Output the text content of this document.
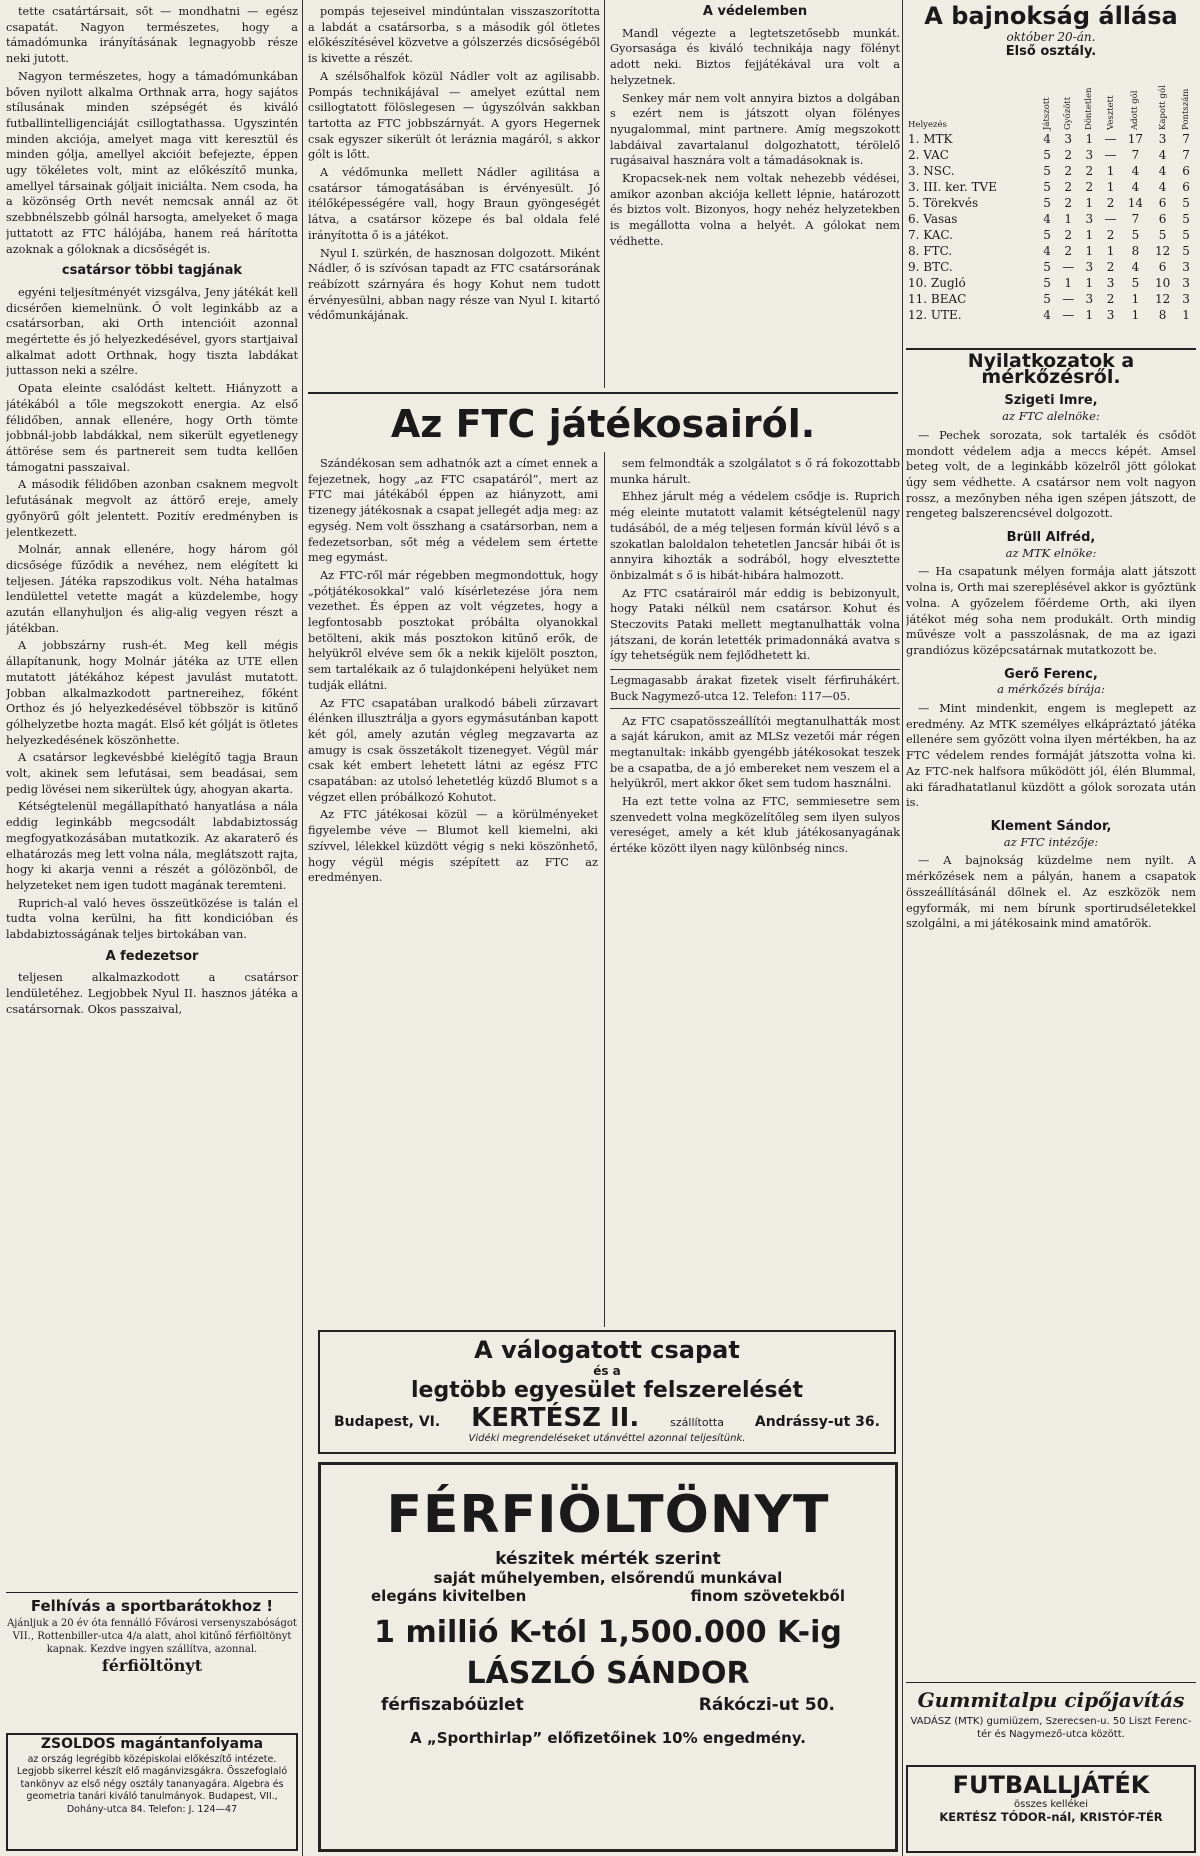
tette csatártársait, sőt — mondhatni — egész csapatát. Nagyon természetes, hogy a támadómunka irányításának legnagyobb része neki jutott.

Nagyon természetes, hogy a támadómunkában bőven nyilott alkalma Orthnak arra, hogy sajátos stílusának minden szépségét és kiváló futballintelligenciáját csillogtathassa. Ugyszintén minden akciója, amelyet maga vitt keresztül és minden gólja, amellyel akcióit befejezte, éppen ugy tökéletes volt, mint az előkészítő munka, amellyel társainak góljait iniciálta. Nem csoda, ha a közönség Orth nevét nemcsak annál az öt szebbnélszebb gólnál harsogta, amelyeket ő maga juttatott az FTC hálójába, hanem reá hárította azoknak a góloknak a dicsőségét is.

csatársor többi tagjának

egyéni teljesítményét vizsgálva, Jeny játékát kell dicsérően kiemelnünk. Ő volt leginkább az a csatársorban, aki Orth intencióit azonnal megértette és jó helyezkedésével, gyors startjaival alkalmat adott Orthnak, hogy tiszta labdákat juttasson neki a szélre.

Opata eleinte csalódást keltett. Hiányzott a játékából a tőle megszokott energia. Az első félidőben, annak ellenére, hogy Orth tömte jobbnál-jobb labdákkal, nem sikerült egyetlenegy áttörése sem és partnereit sem tudta kellően támogatni passzaival.

A második félidőben azonban csaknem megvolt lefutásának megvolt az áttörő ereje, amely győnyörű gólt jelentett. Pozitív eredményben is jelentkezett.

Molnár, annak ellenére, hogy három gól dicsősége fűződik a nevéhez, nem elégített ki teljesen. Játéka rapszodikus volt. Néha hatalmas lendülettel vetette magát a küzdelembe, hogy azután ellanyhuljon és alig-alig vegyen részt a játékban.

A jobbszárny rush-ét. Meg kell mégis állapítanunk, hogy Molnár játéka az UTE ellen mutatott játékához képest javulást mutatott. Jobban alkalmazkodott partnereihez, főként Orthoz és jó helyezkedésével többször is kitűnő gólhelyzetbe hozta magát. Első két gólját is ötletes helyezkedésének köszönhette.

A csatársor legkevésbbé kielégítő tagja Braun volt, akinek sem lefutásai, sem beadásai, sem pedig lövései nem sikerültek úgy, ahogyan akarta.

Kétségtelenül megállapítható hanyatlása a nála eddig leginkább megcsodált labdabiztosság megfogyatkozásában mutatkozik. Az akaraterő és elhatározás meg lett volna nála, meglátszott rajta, hogy ki akarja venni a részét a gólözönből, de helyzeteket nem igen tudott magának teremteni.

Ruprich-al való heves összeütközése is talán el tudta volna kerülni, ha fitt kondicióban és labdabiztosságának teljes birtokában van.

A fedezetsor

teljesen alkalmazkodott a csatársor lendületéhez. Legjobbek Nyul II. hasznos játéka a csatársornak. Okos passzaival,

Felhívás a sportbarátokhoz !
Ajánljuk a 20 év óta fennálló Fővárosi versenyszabóságot VII., Rottenbiller-utca 4/a alatt, ahol kitűnő férfiöltönyt kapnak. Kezdve ingyen szállítva, azonnal.
férfiöltönyt
ZSOLDOS magántanfolyama
az ország legrégibb középiskolai előkészítő intézete. Legjobb sikerrel készít elő magánvizsgákra. Összefoglaló tankönyv az első négy osztály tananyagára. Algebra és geometria tanári kiváló tanulmányok. Budapest, VII., Dohány-utca 84. Telefon: J. 124—47

pompás tejeseivel mindúntalan visszaszorította a labdát a csatársorba, s a második gól ötletes előkészítésével közvetve a gólszerzés dicsőségéből is kivette a részét.

A szélsőhalfok közül Nádler volt az agilisabb. Pompás technikájával — amelyet ezúttal nem csillogtatott fölöslegesen — úgyszólván sakkban tartotta az FTC jobbszárnyát. A gyors Hegernek csak egyszer sikerült ót leráznia magáról, s akkor gólt is lőtt.

A védőmunka mellett Nádler agilitása a csatársor támogatásában is érvényesült. Jó itélőképességére vall, hogy Braun gyöngeségét látva, a csatársor közepe és bal oldala felé irányította ő is a játékot.

Nyul I. szürkén, de hasznosan dolgozott. Miként Nádler, ő is szívósan tapadt az FTC csatársorának reábízott szárnyára és hogy Kohut nem tudott érvényesülni, abban nagy része van Nyul I. kitartó védőmunkájának.

A védelemben

Mandl végezte a legtetszetősebb munkát. Gyorsasága és kiváló technikája nagy fölényt adott neki. Biztos fejjátékával ura volt a helyzetnek.

Senkey már nem volt annyira biztos a dolgában s ezért nem is játszott olyan fölényes nyugalommal, mint partnere. Amíg megszokott labdáival zavartalanul dolgozhatott, térölelő rugásaival hasznára volt a támadásoknak is.

Kropacsek-nek nem voltak nehezebb védései, amikor azonban akciója kellett lépnie, határozott és biztos volt. Bizonyos, hogy nehéz helyzetekben is megállotta volna a helyét. A gólokat nem védhette.

A bajnokság állása
október 20-án.
Első osztály.
Helyezés	Játszott	Győzött	Döntetlen	Vesztett	Adott gól	Kapott gól	Pontszám
1. MTK	4	3	1	—	17	3	7
2. VAC	5	2	3	—	7	4	7
3. NSC.	5	2	2	1	4	4	6
3. III. ker. TVE	5	2	2	1	4	4	6
5. Törekvés	5	2	1	2	14	6	5
6. Vasas	4	1	3	—	7	6	5
7. KAC.	5	2	1	2	5	5	5
8. FTC.	4	2	1	1	8	12	5
9. BTC.	5	—	3	2	4	6	3
10. Zugló	5	1	1	3	5	10	3
11. BEAC	5	—	3	2	1	12	3
12. UTE.	4	—	1	3	1	8	1
Nyilatkozatok a mérkőzésről.
Szigeti Imre,
az FTC alelnöke:

— Pechek sorozata, sok tartalék és csődöt mondott védelem adja a meccs képét. Amsel beteg volt, de a leginkább közelről jött gólokat úgy sem védhette. A csatársor nem volt nagyon rossz, a mezőnyben néha igen szépen játszott, de rengeteg balszerencsével dolgozott.

Brüll Alfréd,
az MTK elnöke:

— Ha csapatunk mélyen formája alatt játszott volna is, Orth mai szereplésével akkor is győztünk volna. A győzelem főérdeme Orth, aki ilyen játékot még soha nem produkált. Orth mindig művésze volt a passzolásnak, de ma az igazi grandiózus középcsatárnak mutatkozott be.

Gerő Ferenc,
a mérkőzés bírája:

— Mint mindenkit, engem is meglepett az eredmény. Az MTK személyes elkápráztató játéka ellenére sem győzött volna ilyen mértékben, ha az FTC védelem rendes formáját játszotta volna ki. Az FTC-nek halfsora működött jól, élén Blummal, aki fáradhatatlanul küzdött a gólok sorozata után is.

Klement Sándor,
az FTC intézője:

— A bajnokság küzdelme nem nyilt. A mérkőzések nem a pályán, hanem a csapatok összeállításánál dőlnek el. Az eszközök nem egyformák, mi nem bírunk sportirudséletekkel szolgálni, a mi játékosaink mind amatőrök.

Gummitalpu cipőjavítás
VADÁSZ (MTK) gumiüzem, Szerecsen-u. 50 Liszt Ferenc-tér és Nagymező-utca között.
FUTBALLJÁTÉK
összes kellékei
KERTÉSZ TÓDOR-nál, KRISTÓF-TÉR
Az FTC játékosairól.

Szándékosan sem adhatnók azt a címet ennek a fejezetnek, hogy „az FTC csapatáról”, mert az FTC mai játékából éppen az hiányzott, ami tizenegy játékosnak a csapat jellegét adja meg: az egység. Nem volt összhang a csatársorban, nem a fedezetsorban, sőt még a védelem sem értette meg egymást.

Az FTC-ről már régebben megmondottuk, hogy „pótjátékosokkal” való kísérletezése jóra nem vezethet. És éppen az volt végzetes, hogy a legfontosabb posztokat próbálta olyanokkal betölteni, akik más posztokon kitűnő erők, de helyükről elvéve sem ők a nekik kijelölt poszton, sem tartalékaik az ő tulajdonképeni helyüket nem tudják ellátni.

Az FTC csapatában uralkodó bábeli zűrzavart élénken illusztrálja a gyors egymásutánban kapott két gól, amely azután végleg megzavarta az amugy is csak összetákolt tizenegyet. Végül már csak két embert lehetett látni az egész FTC csapatában: az utolsó lehetetlég küzdő Blumot s a végzet ellen próbálkozó Kohutot.

Az FTC játékosai közül — a körülményeket figyelembe véve — Blumot kell kiemelni, aki szívvel, lélekkel küzdött végig s neki köszönhető, hogy végül mégis szépített az FTC az eredményen.

sem felmondták a szolgálatot s ő rá fokozottabb munka hárult.

Ehhez járult még a védelem csődje is. Ruprich még eleinte mutatott valamit kétségtelenül nagy tudásából, de a még teljesen formán kívül lévő s a szokatlan baloldalon tehetetlen Jancsár hibái őt is annyira kihozták a sodrából, hogy elvesztette önbizalmát s ő is hibát-hibára halmozott.

Az FTC csatárairól már eddig is bebizonyult, hogy Pataki nélkül nem csatársor. Kohut és Steczovits Pataki mellett megtanulhatták volna játszani, de korán letették primadonnáká avatva s így tehetségük nem fejlődhetett ki.

Legmagasabb árakat fizetek viselt férfiruhákért. Buck Nagymező-utca 12. Telefon: 117—05.

Az FTC csapatösszeállítói megtanulhatták most a saját kárukon, amit az MLSz vezetői már régen megtanultak: inkább gyengébb játékosokat teszek be a csapatba, de a jó embereket nem veszem el a helyükről, mert akkor őket sem tudom használni.

Ha ezt tette volna az FTC, semmiesetre sem szenvedett volna megközelítőleg sem ilyen sulyos vereséget, amely a két klub játékosanyagának értéke között ilyen nagy különbség nincs.

A válogatott csapat
és a
legtöbb egyesület felszerelését
Budapest, VI. KERTÉSZ II.	szállította Andrássy-ut 36.
Vidéki megrendeléseket utánvéttel azonnal teljesítünk.
FÉRFIÖLTÖNYT
készitek mérték szerint
saját műhelyemben, elsőrendű munkával
elegáns kivitelben	finom szövetekből
1 millió K-tól 1,500.000 K-ig
LÁSZLÓ SÁNDOR
férfiszabóüzlet	Rákóczi-ut 50.
A „Sporthirlap” előfizetőinek 10% engedmény.
